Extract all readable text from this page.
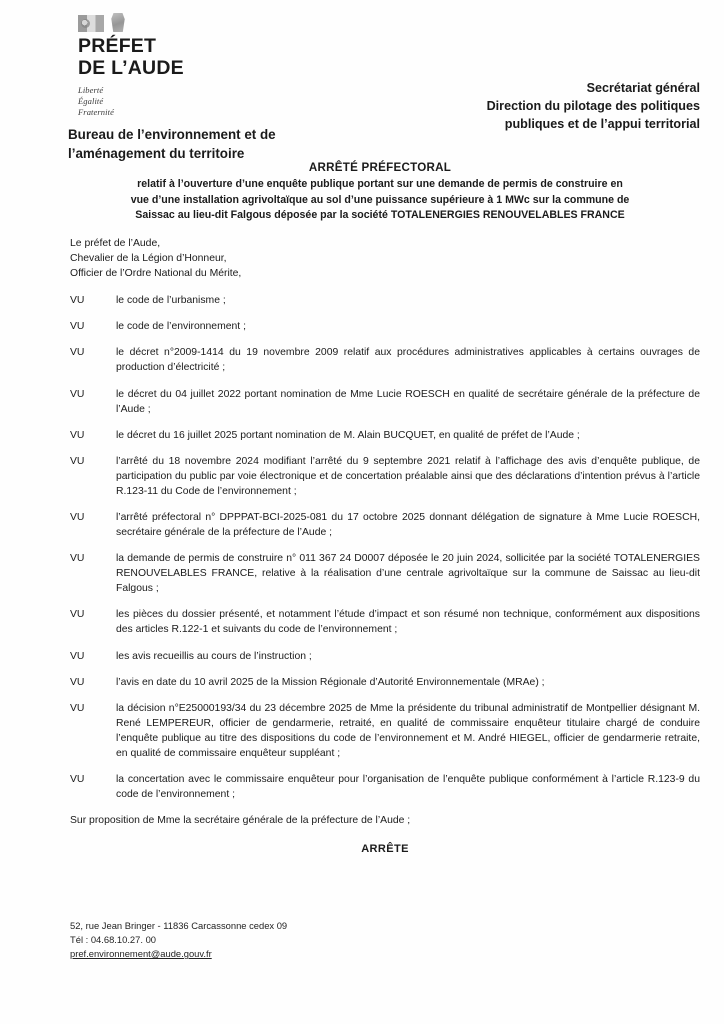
PRÉFET
DE L’AUDE
Liberté
Égalité
Fraternité
Secrétariat général
Direction du pilotage des politiques
publiques et de l’appui territorial
Bureau de l’environnement et de
l’aménagement du territoire
ARRÊTÉ PRÉFECTORAL
relatif à l’ouverture d’une enquête publique portant sur une demande de permis de construire en
vue d’une installation agrivoltaïque au sol d’une puissance supérieure à 1 MWc sur la commune de
Saissac au lieu-dit Falgous déposée par la société TOTALENERGIES RENOUVELABLES FRANCE
Le préfet de l’Aude,
Chevalier de la Légion d’Honneur,
Officier de l’Ordre National du Mérite,
VU	le code de l’urbanisme ;
VU	le code de l’environnement ;
VU	le décret n°2009-1414 du 19 novembre 2009 relatif aux procédures administratives applicables à certains ouvrages de production d’électricité ;
VU	le décret du 04 juillet 2022 portant nomination de Mme Lucie ROESCH en qualité de secrétaire générale de la préfecture de l’Aude ;
VU	le décret du 16 juillet 2025 portant nomination de M. Alain BUCQUET, en qualité de préfet de l’Aude ;
VU	l’arrêté du 18 novembre 2024 modifiant l’arrêté du 9 septembre 2021 relatif à l’affichage des avis d’enquête publique, de participation du public par voie électronique et de concertation préalable ainsi que des déclarations d’intention prévus à l’article R.123-11 du Code de l’environnement ;
VU	l’arrêté préfectoral n° DPPPAT-BCI-2025-081 du 17 octobre 2025 donnant délégation de signature à Mme Lucie ROESCH, secrétaire générale de la préfecture de l’Aude ;
VU	la demande de permis de construire n° 011 367 24 D0007 déposée le 20 juin 2024, sollicitée par la société TOTALENERGIES RENOUVELABLES FRANCE, relative à la réalisation d’une centrale agrivoltaïque sur la commune de Saissac au lieu-dit Falgous ;
VU	les pièces du dossier présenté, et notamment l’étude d’impact et son résumé non technique, conformément aux dispositions des articles R.122-1 et suivants du code de l’environnement ;
VU	les avis recueillis au cours de l’instruction ;
VU	l’avis en date du 10 avril 2025 de la Mission Régionale d’Autorité Environnementale (MRAe) ;
VU	la décision n°E25000193/34 du 23 décembre 2025 de Mme la présidente du tribunal administratif de Montpellier désignant M. René LEMPEREUR, officier de gendarmerie, retraité, en qualité de commissaire enquêteur titulaire chargé de conduire l’enquête publique au titre des dispositions du code de l’environnement et M. André HIEGEL, officier de gendarmerie retraite, en qualité de commissaire enquêteur suppléant ;
VU	la concertation avec le commissaire enquêteur pour l’organisation de l’enquête publique conformément à l’article R.123-9 du code de l’environnement ;
Sur proposition de Mme la secrétaire générale de la préfecture de l’Aude ;
ARRÊTE
52, rue Jean Bringer - 11836 Carcassonne cedex 09
Tél : 04.68.10.27. 00
pref.environnement@aude.gouv.fr
